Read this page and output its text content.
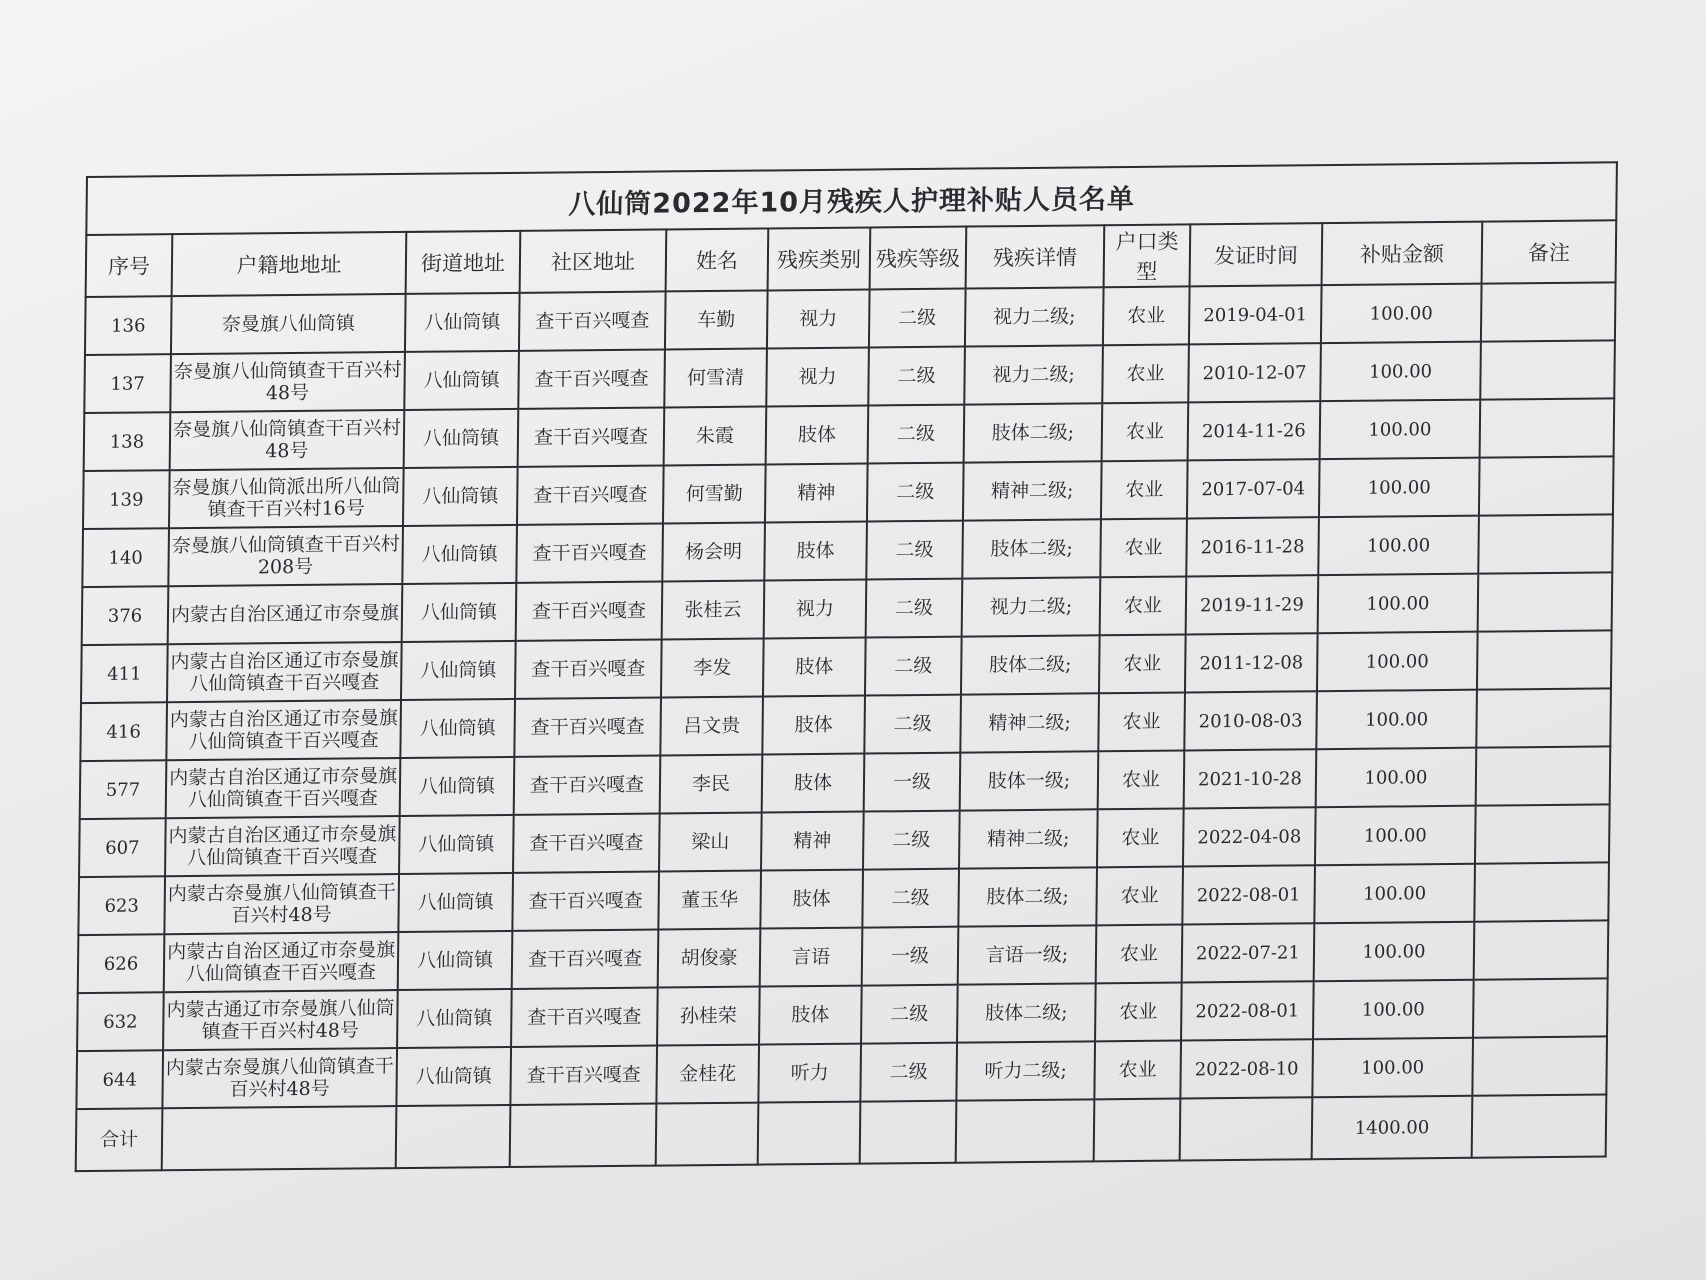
八仙筒2022年10月残疾人护理补贴人员名单											
序号	户籍地地址	街道地址	社区地址	姓名	残疾类别	残疾等级	残疾详情	户口类型	发证时间	补贴金额	备注
136	奈曼旗八仙筒镇	八仙筒镇	查干百兴嘎查	车勤	视力	二级	视力二级;	农业	2019-04-01	100.00	
137	奈曼旗八仙筒镇查干百兴村48号	八仙筒镇	查干百兴嘎查	何雪清	视力	二级	视力二级;	农业	2010-12-07	100.00	
138	奈曼旗八仙筒镇查干百兴村48号	八仙筒镇	查干百兴嘎查	朱霞	肢体	二级	肢体二级;	农业	2014-11-26	100.00	
139	奈曼旗八仙筒派出所八仙筒镇查干百兴村16号	八仙筒镇	查干百兴嘎查	何雪勤	精神	二级	精神二级;	农业	2017-07-04	100.00	
140	奈曼旗八仙筒镇查干百兴村208号	八仙筒镇	查干百兴嘎查	杨会明	肢体	二级	肢体二级;	农业	2016-11-28	100.00	
376	内蒙古自治区通辽市奈曼旗	八仙筒镇	查干百兴嘎查	张桂云	视力	二级	视力二级;	农业	2019-11-29	100.00	
411	内蒙古自治区通辽市奈曼旗八仙筒镇查干百兴嘎查	八仙筒镇	查干百兴嘎查	李发	肢体	二级	肢体二级;	农业	2011-12-08	100.00	
416	内蒙古自治区通辽市奈曼旗八仙筒镇查干百兴嘎查	八仙筒镇	查干百兴嘎查	吕文贵	肢体	二级	精神二级;	农业	2010-08-03	100.00	
577	内蒙古自治区通辽市奈曼旗八仙筒镇查干百兴嘎查	八仙筒镇	查干百兴嘎查	李民	肢体	一级	肢体一级;	农业	2021-10-28	100.00	
607	内蒙古自治区通辽市奈曼旗八仙筒镇查干百兴嘎查	八仙筒镇	查干百兴嘎查	梁山	精神	二级	精神二级;	农业	2022-04-08	100.00	
623	内蒙古奈曼旗八仙筒镇查干百兴村48号	八仙筒镇	查干百兴嘎查	董玉华	肢体	二级	肢体二级;	农业	2022-08-01	100.00	
626	内蒙古自治区通辽市奈曼旗八仙筒镇查干百兴嘎查	八仙筒镇	查干百兴嘎查	胡俊豪	言语	一级	言语一级;	农业	2022-07-21	100.00	
632	内蒙古通辽市奈曼旗八仙筒镇查干百兴村48号	八仙筒镇	查干百兴嘎查	孙桂荣	肢体	二级	肢体二级;	农业	2022-08-01	100.00	
644	内蒙古奈曼旗八仙筒镇查干百兴村48号	八仙筒镇	查干百兴嘎查	金桂花	听力	二级	听力二级;	农业	2022-08-10	100.00	
合计										1400.00	
